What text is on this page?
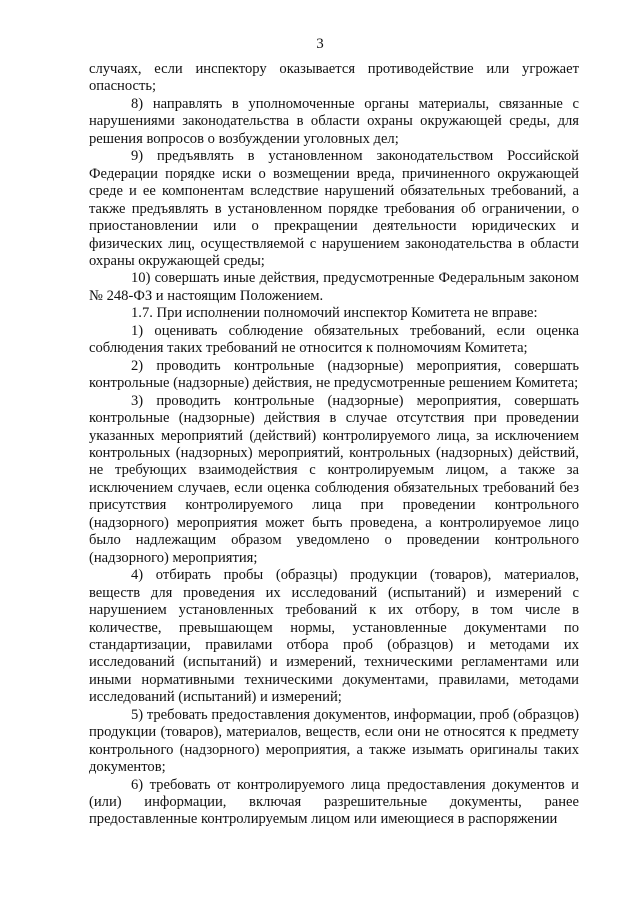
3

случаях, если инспектору оказывается противодействие или угрожает опасность;

8) направлять в уполномоченные органы материалы, связанные с нарушениями законодательства в области охраны окружающей среды, для решения вопросов о возбуждении уголовных дел;

9) предъявлять в установленном законодательством Российской Федерации порядке иски о возмещении вреда, причиненного окружающей среде и ее компонентам вследствие нарушений обязательных требований, а также предъявлять в установленном порядке требования об ограничении, о приостановлении или о прекращении деятельности юридических и физических лиц, осуществляемой с нарушением законодательства в области охраны окружающей среды;

10) совершать иные действия, предусмотренные Федеральным законом № 248-ФЗ и настоящим Положением.

1.7. При исполнении полномочий инспектор Комитета не вправе:

1) оценивать соблюдение обязательных требований, если оценка соблюдения таких требований не относится к полномочиям Комитета;

2) проводить контрольные (надзорные) мероприятия, совершать контрольные (надзорные) действия, не предусмотренные решением Комитета;

3) проводить контрольные (надзорные) мероприятия, совершать контрольные (надзорные) действия в случае отсутствия при проведении указанных мероприятий (действий) контролируемого лица, за исключением контрольных (надзорных) мероприятий, контрольных (надзорных) действий, не требующих взаимодействия с контролируемым лицом, а также за исключением случаев, если оценка соблюдения обязательных требований без присутствия контролируемого лица при проведении контрольного (надзорного) мероприятия может быть проведена, а контролируемое лицо было надлежащим образом уведомлено о проведении контрольного (надзорного) мероприятия;

4) отбирать пробы (образцы) продукции (товаров), материалов, веществ для проведения их исследований (испытаний) и измерений с нарушением установленных требований к их отбору, в том числе в количестве, превышающем нормы, установленные документами по стандартизации, правилами отбора проб (образцов) и методами их исследований (испытаний) и измерений, техническими регламентами или иными нормативными техническими документами, правилами, методами исследований (испытаний) и измерений;

5) требовать предоставления документов, информации, проб (образцов) продукции (товаров), материалов, веществ, если они не относятся к предмету контрольного (надзорного) мероприятия, а также изымать оригиналы таких документов;

6) требовать от контролируемого лица предоставления документов и (или) информации, включая разрешительные документы, ранее предоставленные контролируемым лицом или имеющиеся в распоряжении
